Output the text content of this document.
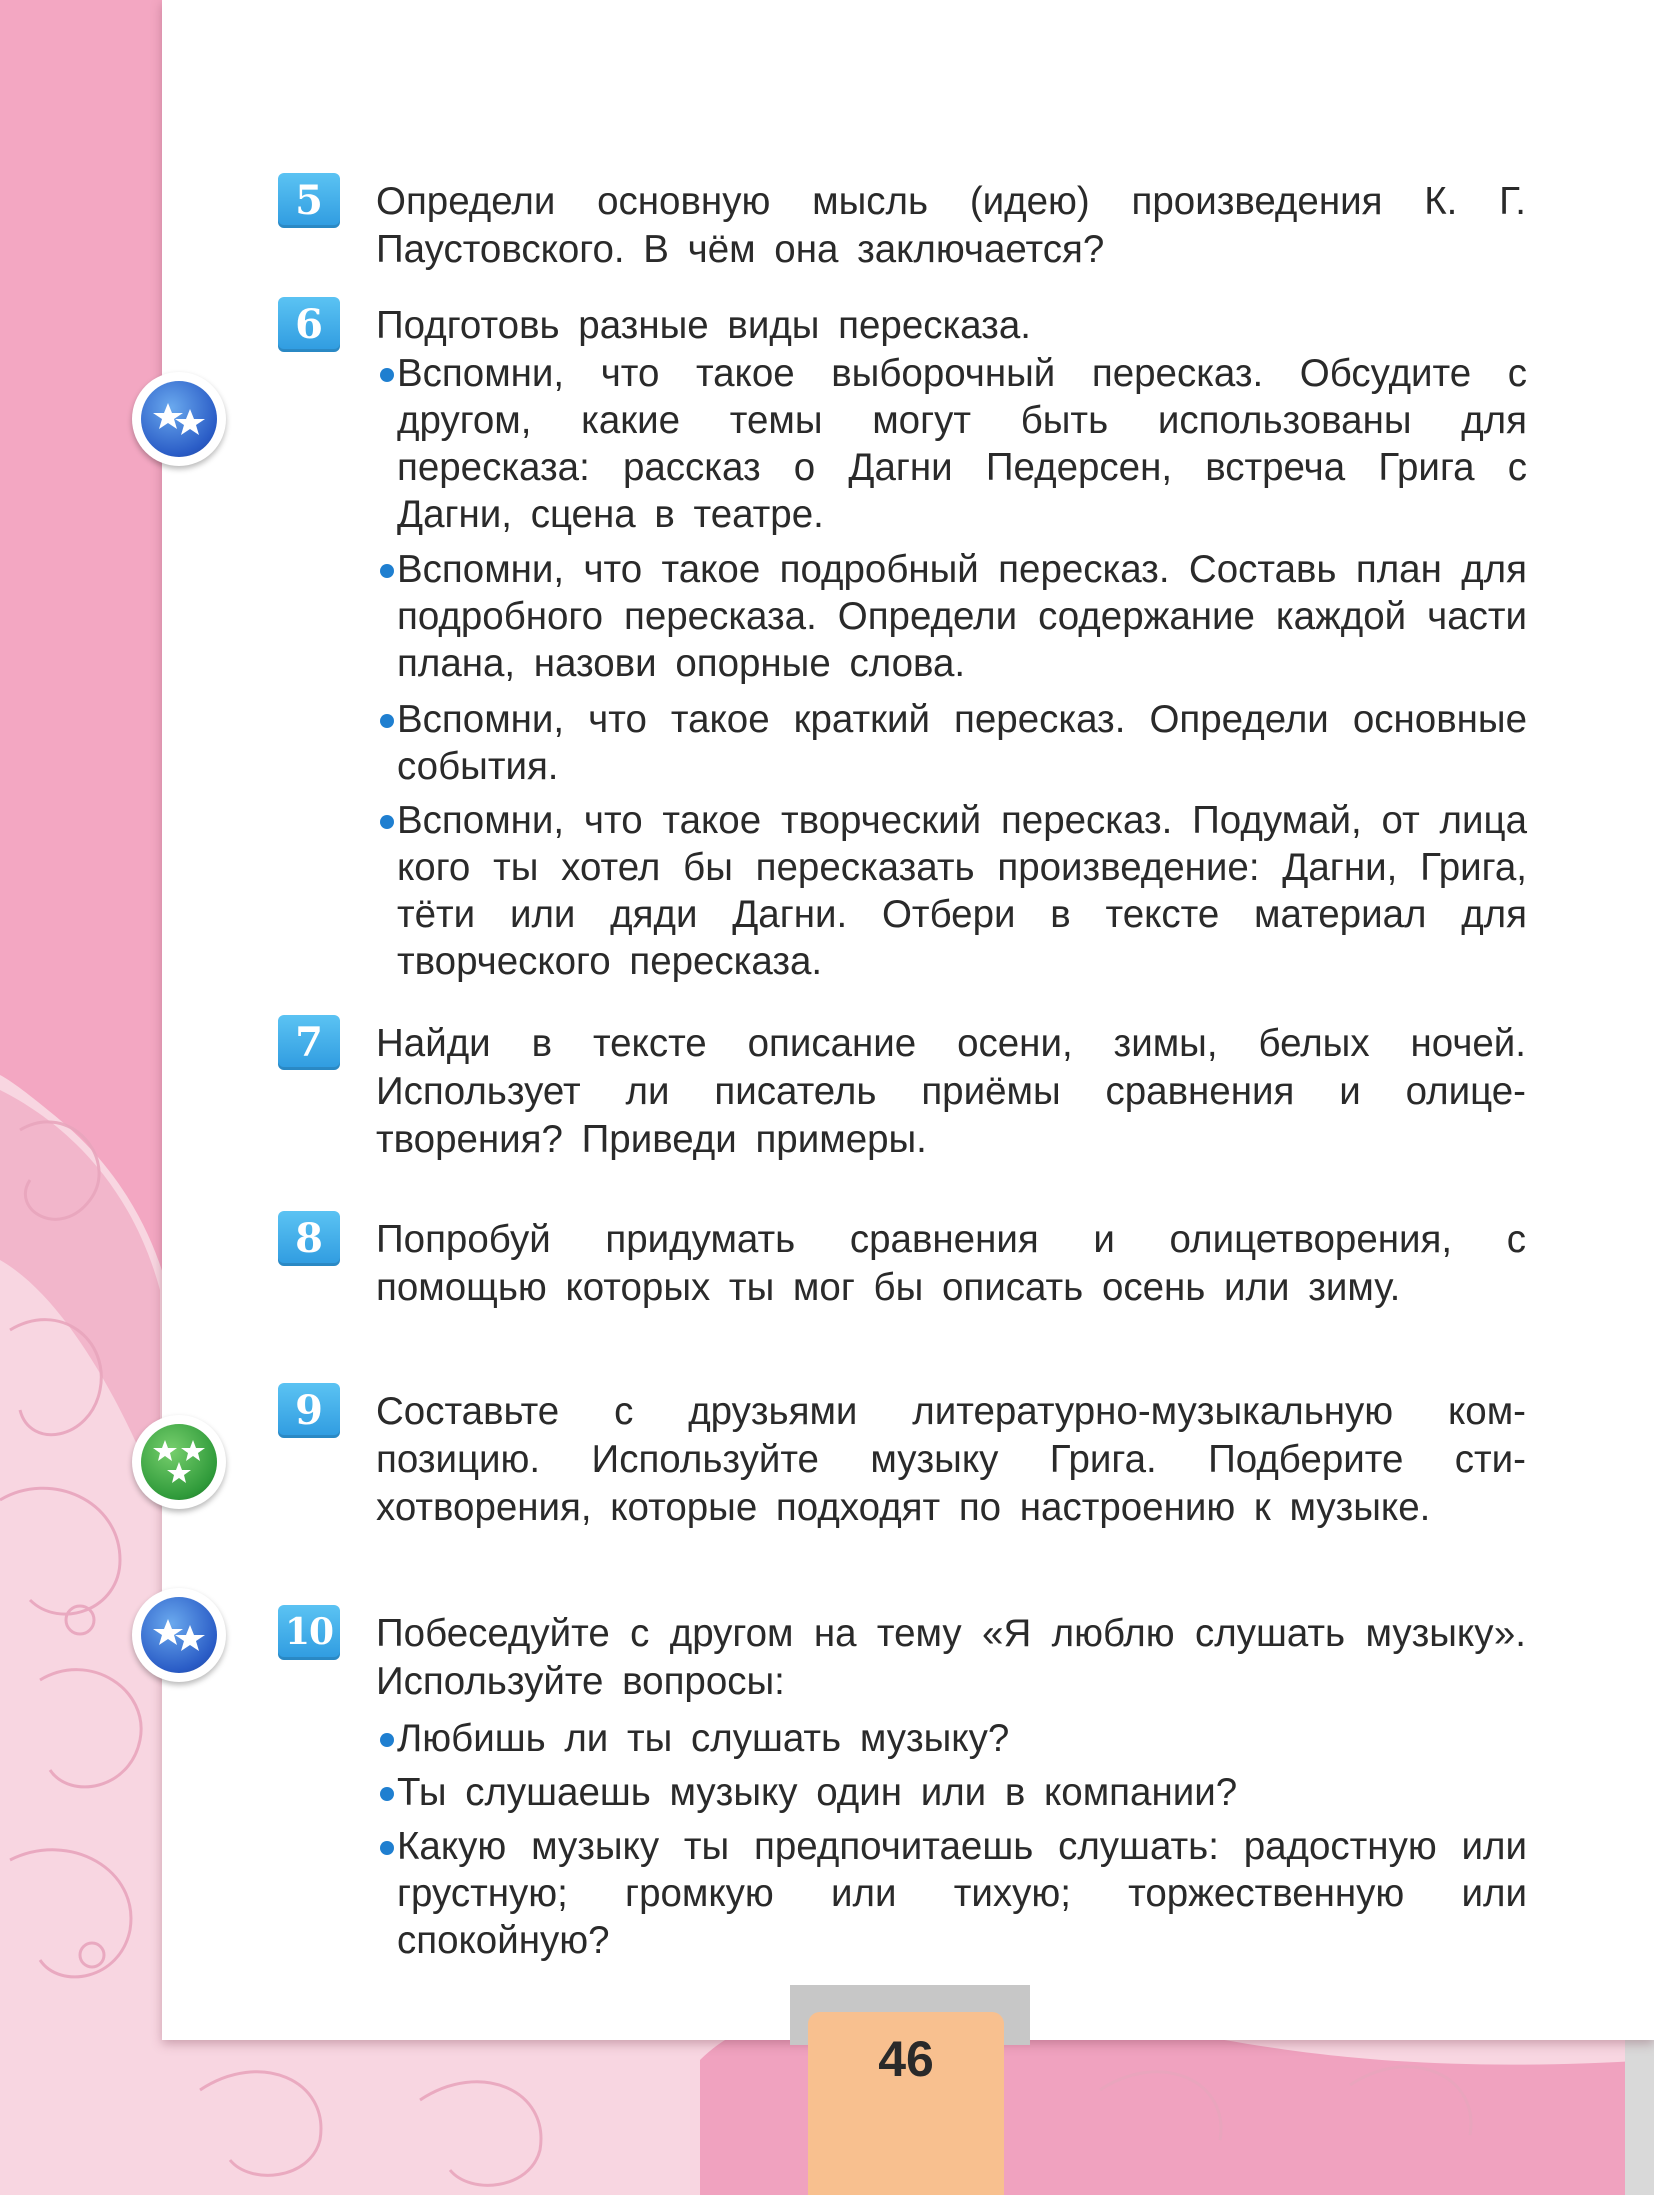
5	Определи основную мысль (идею) произведения К. Г. Паустовского. В чём она заключается?
6	Подготовь разные виды пересказа.
Вспомни, что такое выборочный пересказ. Обсудите с другом, какие темы могут быть использованы для пересказа: рассказ о Дагни Педерсен, встреча Грига с Дагни, сцена в театре.
Вспомни, что такое подробный пересказ. Составь план для подробного пересказа. Определи содержание каждой части плана, назови опорные слова.
Вспомни, что такое краткий пересказ. Определи основные события.
Вспомни, что такое творческий пересказ. Подумай, от лица кого ты хотел бы пересказать произведение: Дагни, Грига, тёти или дяди Дагни. Отбери в тексте материал для творческого пересказа.
7	Найди в тексте описание осени, зимы, белых ночей. Использует ли писатель приёмы сравнения и олицетворения? Приведи примеры.
8	Попробуй придумать сравнения и олицетворения, с помощью которых ты мог бы описать осень или зиму.
9	Составьте с друзьями литературно-музыкальную композицию. Используйте музыку Грига. Подберите стихотворения, которые подходят по настроению к музыке.
10 Побеседуйте с другом на тему «Я люблю слушать музыку». Используйте вопросы:
Любишь ли ты слушать музыку?
Ты слушаешь музыку один или в компании?
Какую музыку ты предпочитаешь слушать: радостную или грустную; громкую или тихую; торжественную или спокойную?
46
